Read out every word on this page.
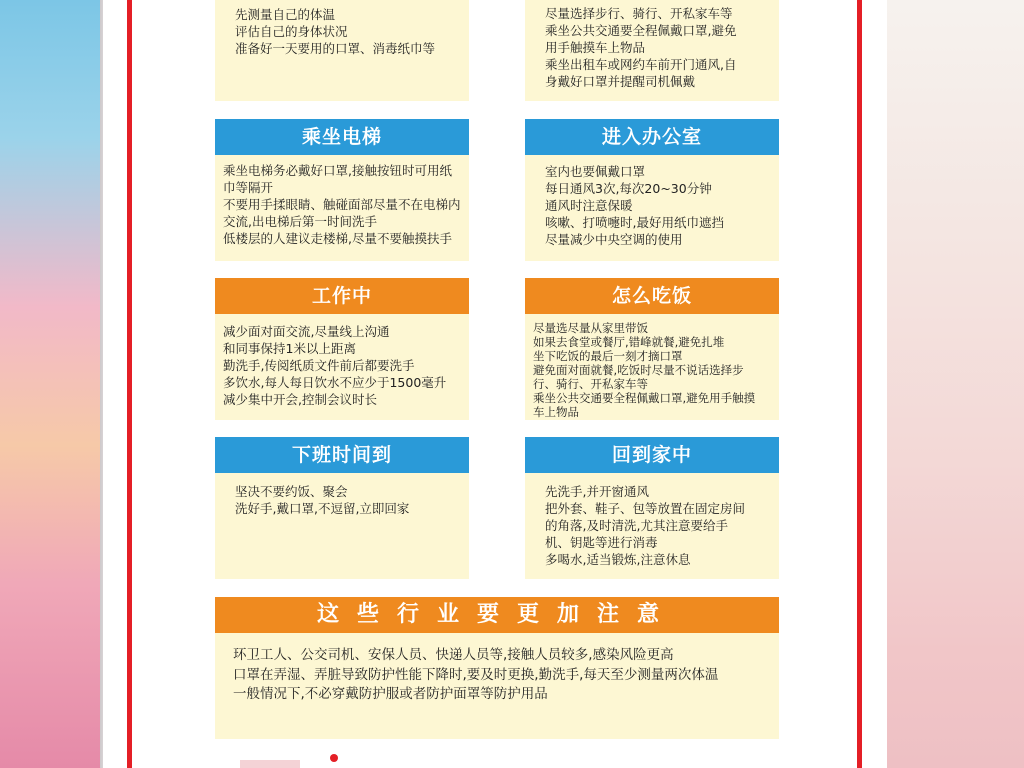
先测量自己的体温
评估自己的身体状况
准备好一天要用的口罩、消毒纸巾等
尽量选择步行、骑行、开私家车等
乘坐公共交通要全程佩戴口罩,避免
用手触摸车上物品
乘坐出租车或网约车前开门通风,自
身戴好口罩并提醒司机佩戴
乘坐电梯
乘坐电梯务必戴好口罩,接触按钮时可用纸
巾等隔开
不要用手揉眼睛、触碰面部尽量不在电梯内
交流,出电梯后第一时间洗手
低楼层的人建议走楼梯,尽量不要触摸扶手
进入办公室
室内也要佩戴口罩
每日通风3次,每次20~30分钟
通风时注意保暖
咳嗽、打喷嚏时,最好用纸巾遮挡
尽量减少中央空调的使用
工作中
减少面对面交流,尽量线上沟通
和同事保持1米以上距离
勤洗手,传阅纸质文件前后都要洗手
多饮水,每人每日饮水不应少于1500毫升
减少集中开会,控制会议时长
怎么吃饭
尽量选尽量从家里带饭
如果去食堂或餐厅,错峰就餐,避免扎堆
坐下吃饭的最后一刻才摘口罩
避免面对面就餐,吃饭时尽量不说话选择步
行、骑行、开私家车等
乘坐公共交通要全程佩戴口罩,避免用手触摸
车上物品
下班时间到
坚决不要约饭、聚会
洗好手,戴口罩,不逗留,立即回家
回到家中
先洗手,并开窗通风
把外套、鞋子、包等放置在固定房间
的角落,及时清洗,尤其注意要给手
机、钥匙等进行消毒
多喝水,适当锻炼,注意休息
这些行业要更加注意
环卫工人、公交司机、安保人员、快递人员等,接触人员较多,感染风险更高
口罩在弄湿、弄脏导致防护性能下降时,要及时更换,勤洗手,每天至少测量两次体温
一般情况下,不必穿戴防护服或者防护面罩等防护用品
